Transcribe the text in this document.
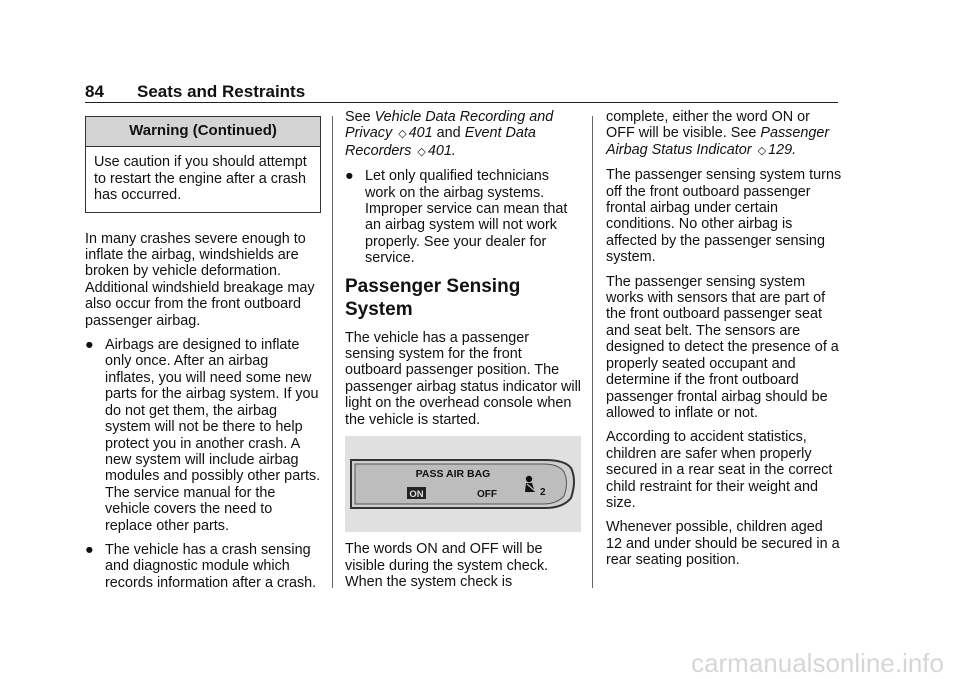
84 Seats and Restraints
Warning (Continued)
Use caution if you should attempt to restart the engine after a crash has occurred.

In many crashes severe enough to inflate the airbag, windshields are broken by vehicle deformation. Additional windshield breakage may also occur from the front outboard passenger airbag.

● Airbags are designed to inflate only once. After an airbag inflates, you will need some new parts for the airbag system. If you do not get them, the airbag system will not be there to help protect you in another crash. A new system will include airbag modules and possibly other parts. The service manual for the vehicle covers the need to replace other parts.
● The vehicle has a crash sensing and diagnostic module which records information after a crash.

See Vehicle Data Recording and Privacy ◇ 401 and Event Data Recorders ◇ 401.

● Let only qualified technicians work on the airbag systems. Improper service can mean that an airbag system will not work properly. See your dealer for service.
Passenger Sensing System

The vehicle has a passenger sensing system for the front outboard passenger position. The passenger airbag status indicator will light on the overhead console when the vehicle is started.

PASS AIR BAG
ON	OFF	2

The words ON and OFF will be visible during the system check. When the system check is

complete, either the word ON or OFF will be visible. See Passenger Airbag Status Indicator ◇ 129.

The passenger sensing system turns off the front outboard passenger frontal airbag under certain conditions. No other airbag is affected by the passenger sensing system.

The passenger sensing system works with sensors that are part of the front outboard passenger seat and seat belt. The sensors are designed to detect the presence of a properly seated occupant and determine if the front outboard passenger frontal airbag should be allowed to inflate or not.

According to accident statistics, children are safer when properly secured in a rear seat in the correct child restraint for their weight and size.

Whenever possible, children aged 12 and under should be secured in a rear seating position.

carmanualsonline.info
